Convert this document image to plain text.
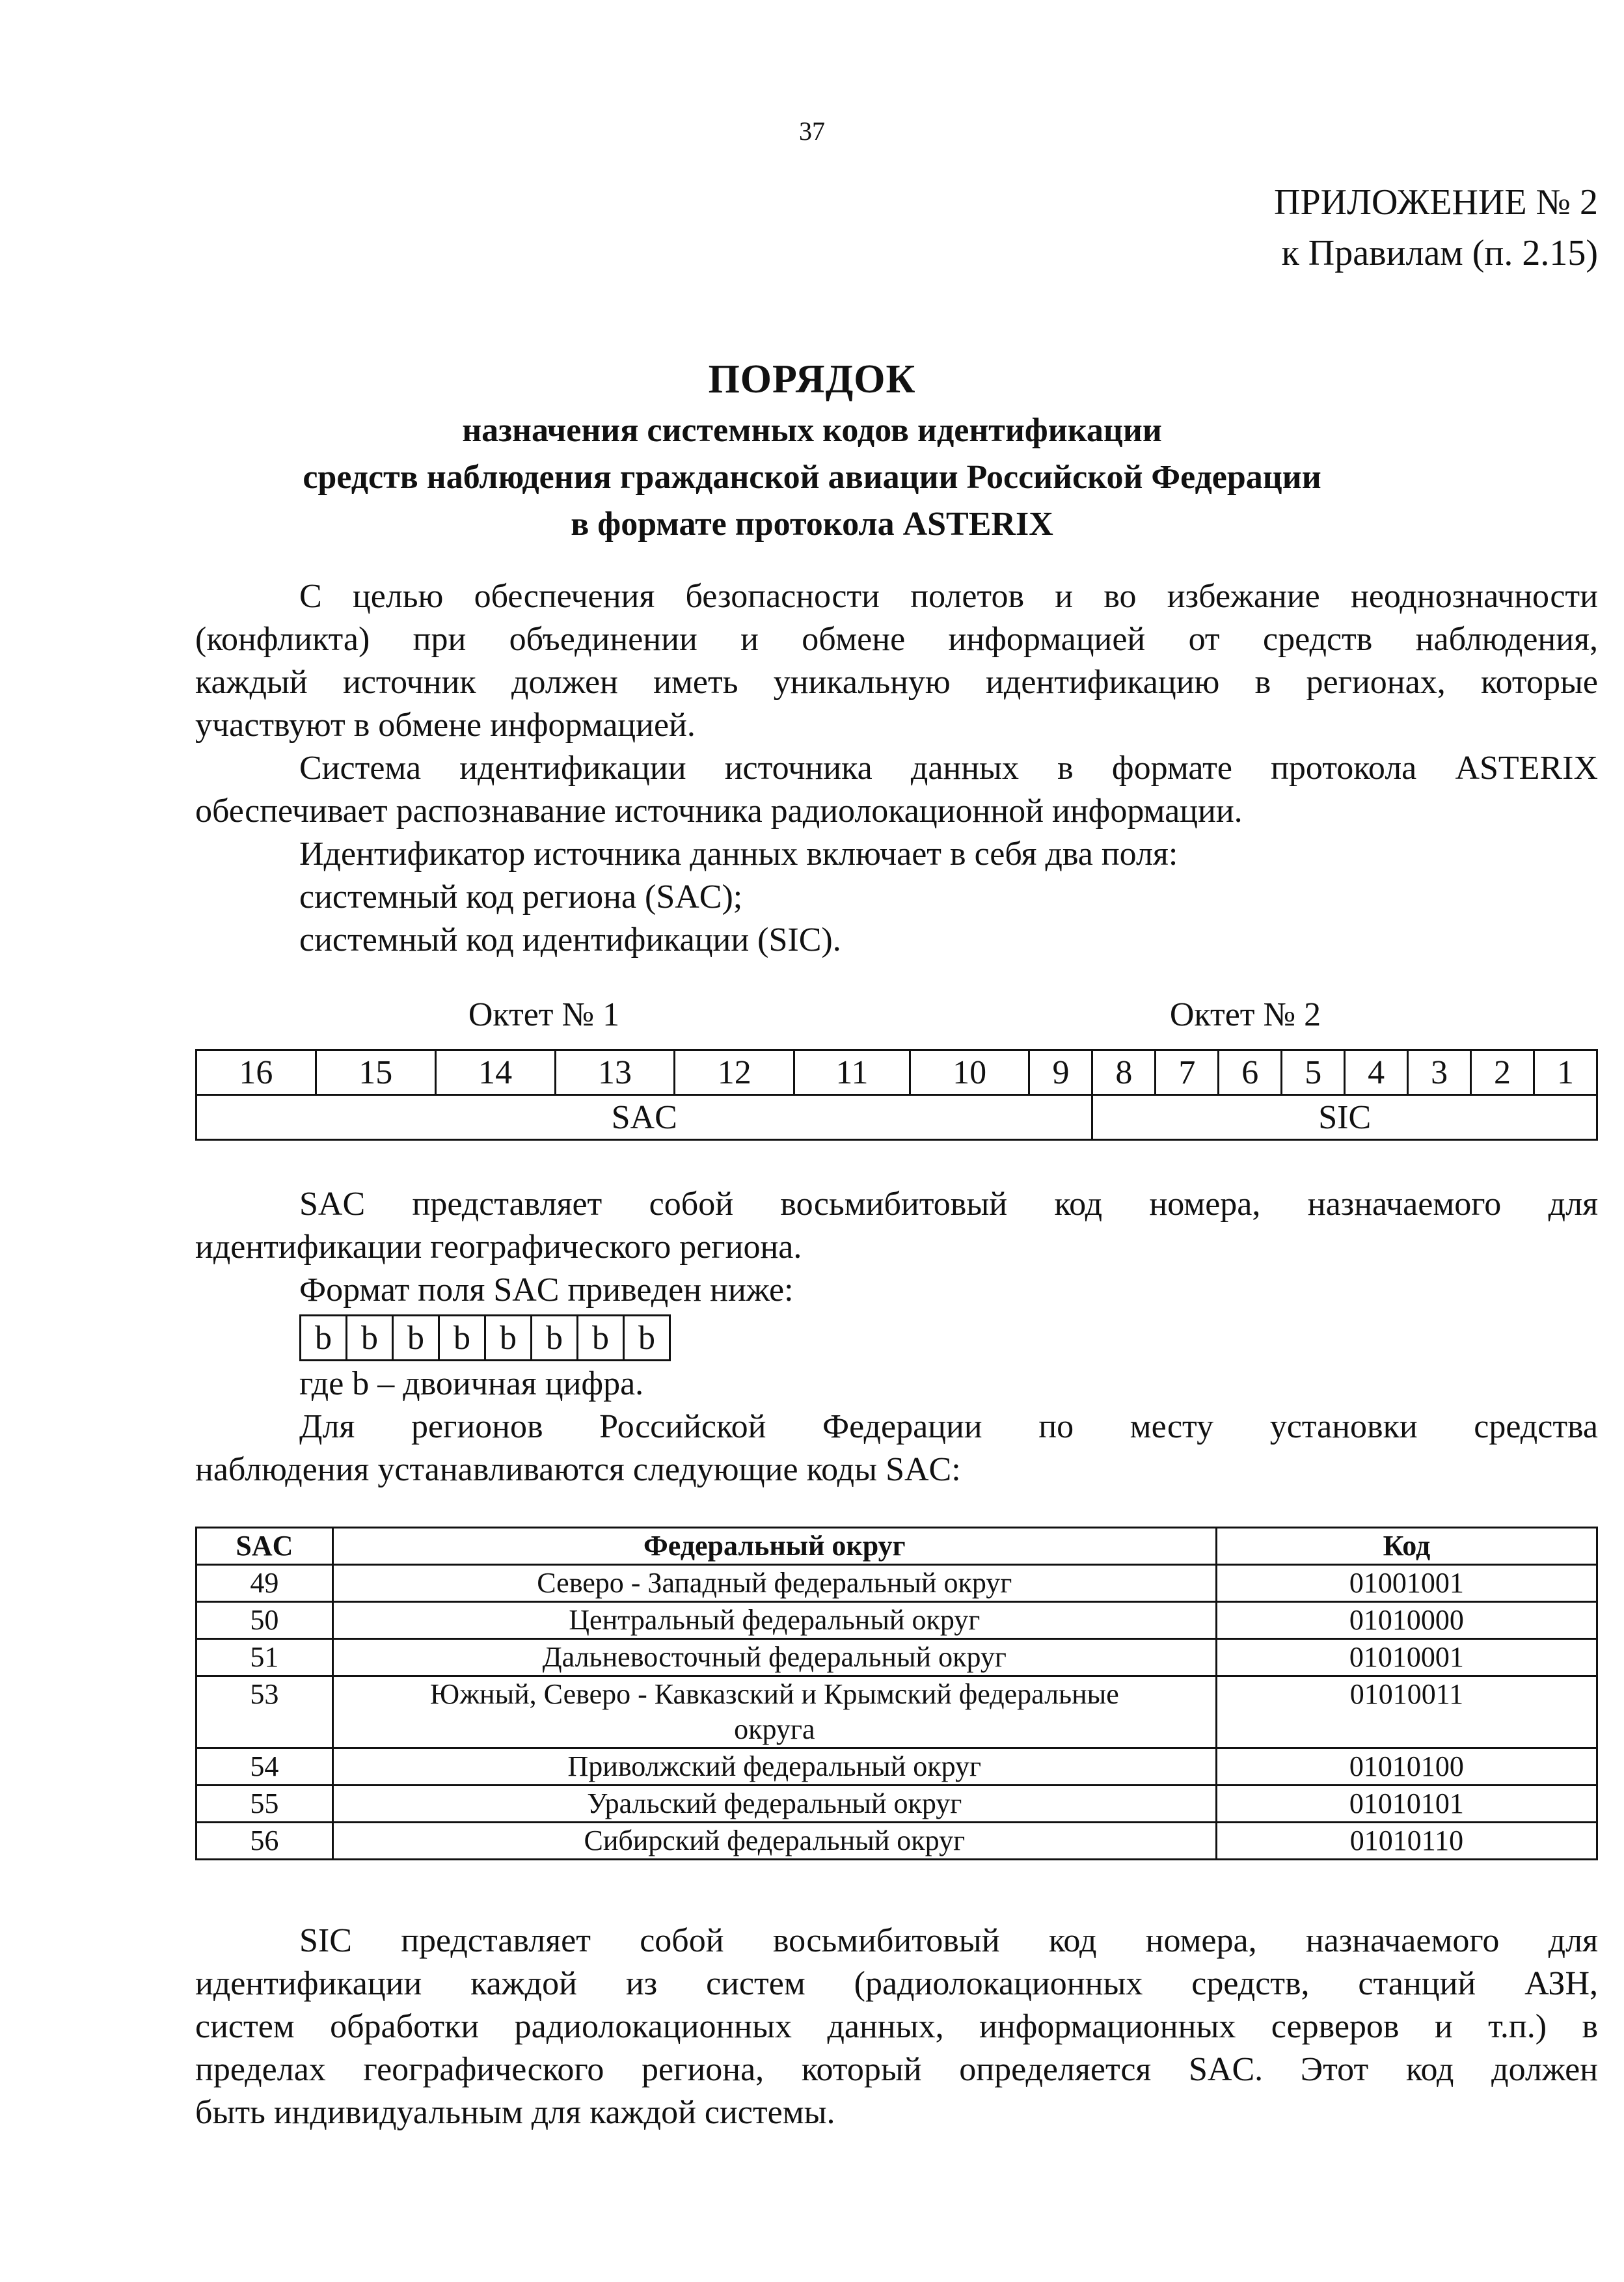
37
ПРИЛОЖЕНИЕ № 2
к Правилам (п. 2.15)
ПОРЯДОК
назначения системных кодов идентификации
средств наблюдения гражданской авиации Российской Федерации
в формате протокола ASTERIX
С целью обеспечения безопасности полетов и во избежание неоднозначности
(конфликта) при объединении и обмене информацией от средств наблюдения,
каждый источник должен иметь уникальную идентификацию в регионах, которые
участвуют в обмене информацией.
Система идентификации источника данных в формате протокола ASTERIX
обеспечивает распознавание источника радиолокационной информации.
Идентификатор источника данных включает в себя два поля:
системный код региона (SAC);
системный код идентификации (SIC).
Октет № 1	Октет № 2
16	15	14	13	12	11	10	9	8	7	6	5	4	3	2	1
SAC								SIC							
SAC представляет собой восьмибитовый код номера, назначаемого для
идентификации географического региона.
Формат поля SAC приведен ниже:
b	b	b	b	b	b	b	b
где b – двоичная цифра.
Для регионов Российской Федерации по месту установки средства
наблюдения устанавливаются следующие коды SAC:
SAC	Федеральный округ	Код
49	Северо - Западный федеральный округ	01001001
50	Центральный федеральный округ	01010000
51	Дальневосточный федеральный округ	01010001
53	Южный, Северо - Кавказский и Крымский федеральные округа	01010011
54	Приволжский федеральный округ	01010100
55	Уральский федеральный округ	01010101
56	Сибирский федеральный округ	01010110
SIC представляет собой восьмибитовый код номера, назначаемого для
идентификации каждой из систем (радиолокационных средств, станций АЗН,
систем обработки радиолокационных данных, информационных серверов и т.п.) в
пределах географического региона, который определяется SAC. Этот код должен
быть индивидуальным для каждой системы.
